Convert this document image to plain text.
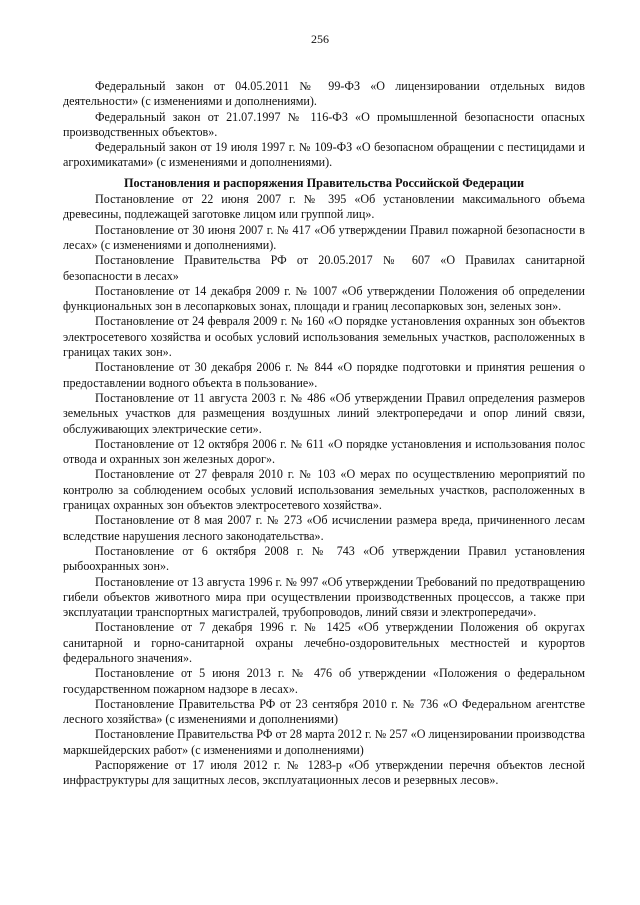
256

Федеральный закон от 04.05.2011 № 99-ФЗ «О лицензировании отдельных видов деятельности» (с изменениями и дополнениями).

Федеральный закон от 21.07.1997 № 116-ФЗ «О промышленной безопасности опасных производственных объектов».

Федеральный закон от 19 июля 1997 г. № 109-ФЗ «О безопасном обращении с пестицидами и агрохимикатами» (с изменениями и дополнениями).

Постановления и распоряжения Правительства Российской Федерации

Постановление от 22 июня 2007 г. № 395 «Об установлении максимального объема древесины, подлежащей заготовке лицом или группой лиц».

Постановление от 30 июня 2007 г. № 417 «Об утверждении Правил пожарной безопасности в лесах» (с изменениями и дополнениями).

Постановление Правительства РФ от 20.05.2017 № 607 «О Правилах санитарной безопасности в лесах»

Постановление от 14 декабря 2009 г. № 1007 «Об утверждении Положения об определении функциональных зон в лесопарковых зонах, площади и границ лесопарковых зон, зеленых зон».

Постановление от 24 февраля 2009 г. № 160 «О порядке установления охранных зон объектов электросетевого хозяйства и особых условий использования земельных участков, расположенных в границах таких зон».

Постановление от 30 декабря 2006 г. № 844 «О порядке подготовки и принятия решения о предоставлении водного объекта в пользование».

Постановление от 11 августа 2003 г. № 486 «Об утверждении Правил определения размеров земельных участков для размещения воздушных линий электропередачи и опор линий связи, обслуживающих электрические сети».

Постановление от 12 октября 2006 г. № 611 «О порядке установления и использования полос отвода и охранных зон железных дорог».

Постановление от 27 февраля 2010 г. № 103 «О мерах по осуществлению мероприятий по контролю за соблюдением особых условий использования земельных участков, расположенных в границах охранных зон объектов электросетевого хозяйства».

Постановление от 8 мая 2007 г. № 273 «Об исчислении размера вреда, причиненного лесам вследствие нарушения лесного законодательства».

Постановление от 6 октября 2008 г. № 743 «Об утверждении Правил установления рыбоохранных зон».

Постановление от 13 августа 1996 г. № 997 «Об утверждении Требований по предотвращению гибели объектов животного мира при осуществлении производственных процессов, а также при эксплуатации транспортных магистралей, трубопроводов, линий связи и электропередачи».

Постановление от 7 декабря 1996 г. № 1425 «Об утверждении Положения об округах санитарной и горно-санитарной охраны лечебно-оздоровительных местностей и курортов федерального значения».

Постановление от 5 июня 2013 г. № 476 об утверждении «Положения о федеральном государственном пожарном надзоре в лесах».

Постановление Правительства РФ от 23 сентября 2010 г. № 736 «О Федеральном агентстве лесного хозяйства» (с изменениями и дополнениями)

Постановление Правительства РФ от 28 марта 2012 г. № 257 «О лицензировании производства маркшейдерских работ» (с изменениями и дополнениями)

Распоряжение от 17 июля 2012 г. № 1283-р «Об утверждении перечня объектов лесной инфраструктуры для защитных лесов, эксплуатационных лесов и резервных лесов».
